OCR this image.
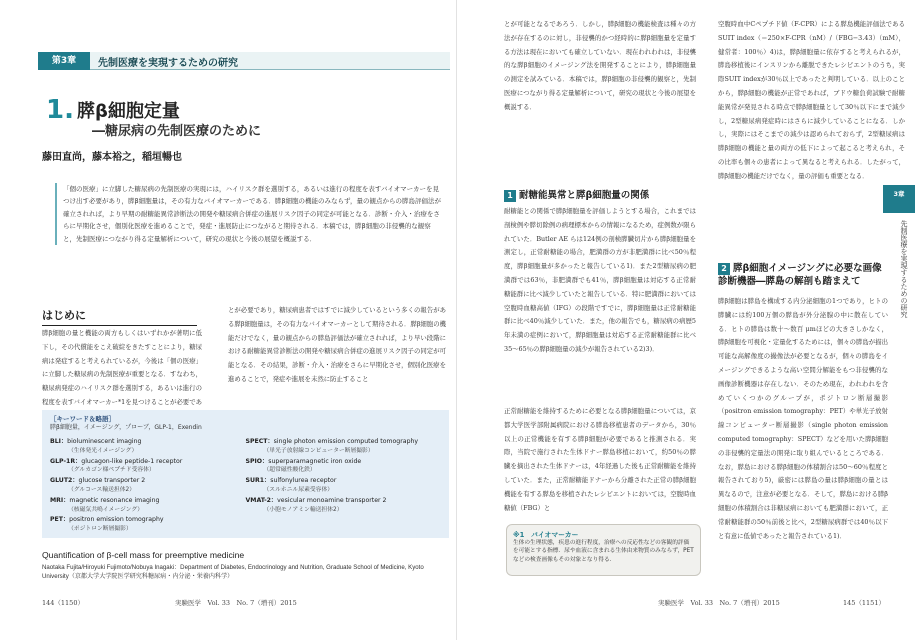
第3章	先制医療を実現するための研究
1. 膵β細胞定量
―糖尿病の先制医療のために
藤田直尚，藤本裕之，稲垣暢也
「個の医療」に立脚した糖尿病の先制医療の実現には，ハイリスク群を選別する，あるいは進行の程度を表すバイオマーカーを見つけ出す必要があり，膵β細胞量は，その有力なバイオマーカーである．膵β細胞の機能のみならず，量の観点からの膵島評価法が確立されれば，より早期の耐糖能異常診断法の開発や糖尿病合併症の進展リスク因子の同定が可能となる．診断・介入・治療をさらに早期化させ，個別化医療を進めることで，発症・進展防止につながると期待される．本稿では，膵β細胞の非侵襲的な観察と，先制医療につながり得る定量解析について，研究の現状と今後の展望を概説する．
はじめに
膵β細胞の量と機能の両方もしくはいずれかが著明に低下し，その代償能をこえ破綻をきたすことにより，糖尿病は発症すると考えられているが，今後は「個の医療」に立脚した糖尿病の先制医療が重要となる．すなわち，糖尿病発症のハイリスク群を選別する，あるいは進行の程度を表すバイオマーカー*1を見つけることが必要であ
とが必要であり，糖尿病患者ではすでに減少しているという多くの報告がある膵β細胞量は，その有力なバイオマーカーとして期待される．膵β細胞の機能だけでなく，量の観点からの膵島評価法が確立されれば，より早い段階における耐糖能異常診断法の開発や糖尿病合併症の進展リスク因子の同定が可能となる．その結果，診断・介入・治療をさらに早期化させ，個別化医療を進めることで，発症や進展を未然に防止すること
［キーワード＆略語］
膵β細胞量，イメージング，プローブ，GLP-1，Exendin
BLI：bioluminescent imaging
（生体発光イメージング）
GLP-1R：glucagon-like peptide-1 receptor
（グルカゴン様ペプチド受容体）
GLUT2：glucose transporter 2
（グルコース輸送担体2）
MRI：magnetic resonance imaging
（核磁気共鳴イメージング）
PET：positron emission tomography
（ポジトロン断層撮影）
SPECT：single photon emission computed tomography
（単光子放射線コンピューター断層撮影）
SPIO：superparamagnetic iron oxide
（超常磁性酸化鉄）
SUR1：sulfonylurea receptor
（スルホニル尿素受容体）
VMAT-2：vesicular monoamine transporter 2
（小胞モノアミン輸送担体2）
Quantification of β-cell mass for preemptive medicine
Naotaka Fujita/Hiroyuki Fujimoto/Nobuya Inagaki：Department of Diabetes, Endocrinology and Nutrition, Graduate School of Medicine, Kyoto University（京都大学大学院医学研究科糖尿病・内分泌・栄養内科学）
144（1150）	実験医学　Vol. 33　No. 7（増刊）2015
とが可能となるであろう．しかし，膵β細胞の機能検査は種々の方法が存在するのに対し，非侵襲的かつ経時的に膵β細胞量を定量する方法は現在においても確立していない．現在われわれは，非侵襲的な膵β細胞のイメージング法を開発することにより，膵β細胞量の測定を試みている．本稿では，膵β細胞の非侵襲的観察と，先制医療につながり得る定量解析について，研究の現状と今後の展望を概説する．
1 耐糖能異常と膵β細胞量の関係
耐糖能との関係で膵β細胞量を評価しようとする場合，これまでは剖検例や膵切除例の病理標本からの情報になるため，症例数が限られていた．Butler AE らは124例の剖検膵臓切片から膵β細胞量を測定し，正常耐糖能の場合，肥満群の方が非肥満群に比べ50％程度，膵β細胞量が多かったと報告している1)．また2型糖尿病の肥満群では63％，非肥満群でも41％，膵β細胞量は対応する正常耐糖能群に比べ減少していたと報告している．特に肥満群においては空腹時血糖高値（IFG）の段階ですでに，膵β細胞量は正常耐糖能群に比べ40％減少していた．また，他の報告でも，糖尿病の病歴5年未満の症例において，膵β細胞量は対応する正常耐糖能群に比べ35〜65％の膵β細胞量の減少が報告されている2)3)．
正常耐糖能を維持するために必要となる膵β細胞量については，京都大学医学部附属病院における膵島移植患者のデータから，30％以上の正常機能を有する膵β細胞が必要であると推測される．実際，当院で施行された生体ドナー膵島移植において，約50％の膵臓を摘出された生体ドナーは，4年経過した後も正常耐糖能を維持していた．また，正常耐糖能ドナーから分離された正常の膵β細胞機能を有する膵島を移植されたレシピエントにおいては，空腹時血糖値（FBG）と
※1　 バイオマーカー
生体の生理状態，疾患の進行程度，治療への反応性などの客観的評価を可能とする指標．尿や血液に含まれる生体由来物質のみならず，PETなどの検査画像もその対象となり得る．
空腹時血中Cペプチド値（F-CPR）による膵島機能評価法であるSUIT index（＝250×F-CPR（nM）/（FBG−3.43）（mM），健常者：100％）4)は，膵β細胞量に依存すると考えられるが，膵島移植後にインスリンから離脱できたレシピエントのうち，実際SUIT indexが30％以上であったと判明している．以上のことから，膵β細胞の機能が正常であれば，ブドウ糖負荷試験で耐糖能異常が発見される時点で膵β細胞量として30％以下にまで減少し，2型糖尿病発症時にはさらに減少していることになる．しかし，実際にはそこまでの減少は認められておらず，2型糖尿病は膵β細胞の機能と量の両方の低下によって起こると考えられ，その比率も個々の患者によって異なると考えられる．したがって，膵β細胞の機能だけでなく，量の評価も重要となる．
2 膵β細胞イメージングに必要な画像診断機器―膵島の解剖も踏まえて
膵β細胞は膵島を構成する内分泌細胞の1つであり，ヒトの膵臓には約100万個の膵島が外分泌腺の中に散在している．ヒトの膵島は数十〜数百 μmほどの大きさしかなく，膵β細胞を可視化・定量化するためには，個々の膵島が描出可能な高解像度の撮像法が必要となるが，個々の膵島をイメージングできるような高い空間分解能をもつ非侵襲的な画像診断機器は存在しない．そのため現在，われわれを含めていくつかのグループが，ポジトロン断層撮影（positron emission tomography：PET）や単光子放射線コンピューター断層撮影（single photon emission computed tomography：SPECT）などを用いた膵β細胞の非侵襲的定量法の開発に取り組んでいるところである．なお，膵島における膵β細胞の体積割合は50〜60％程度と報告されており5)，厳密には膵島の量は膵β細胞の量とは異なるので，注意が必要となる．そして，膵島における膵β細胞の体積割合は非糖尿病においても肥満群において，正常耐糖能群の50％前後と比べ，2型糖尿病群では40％以下と有意に低値であったと報告されている1)．
3章
先制医療を実現するための研究
実験医学　Vol. 33　No. 7（増刊）2015	145（1151）
